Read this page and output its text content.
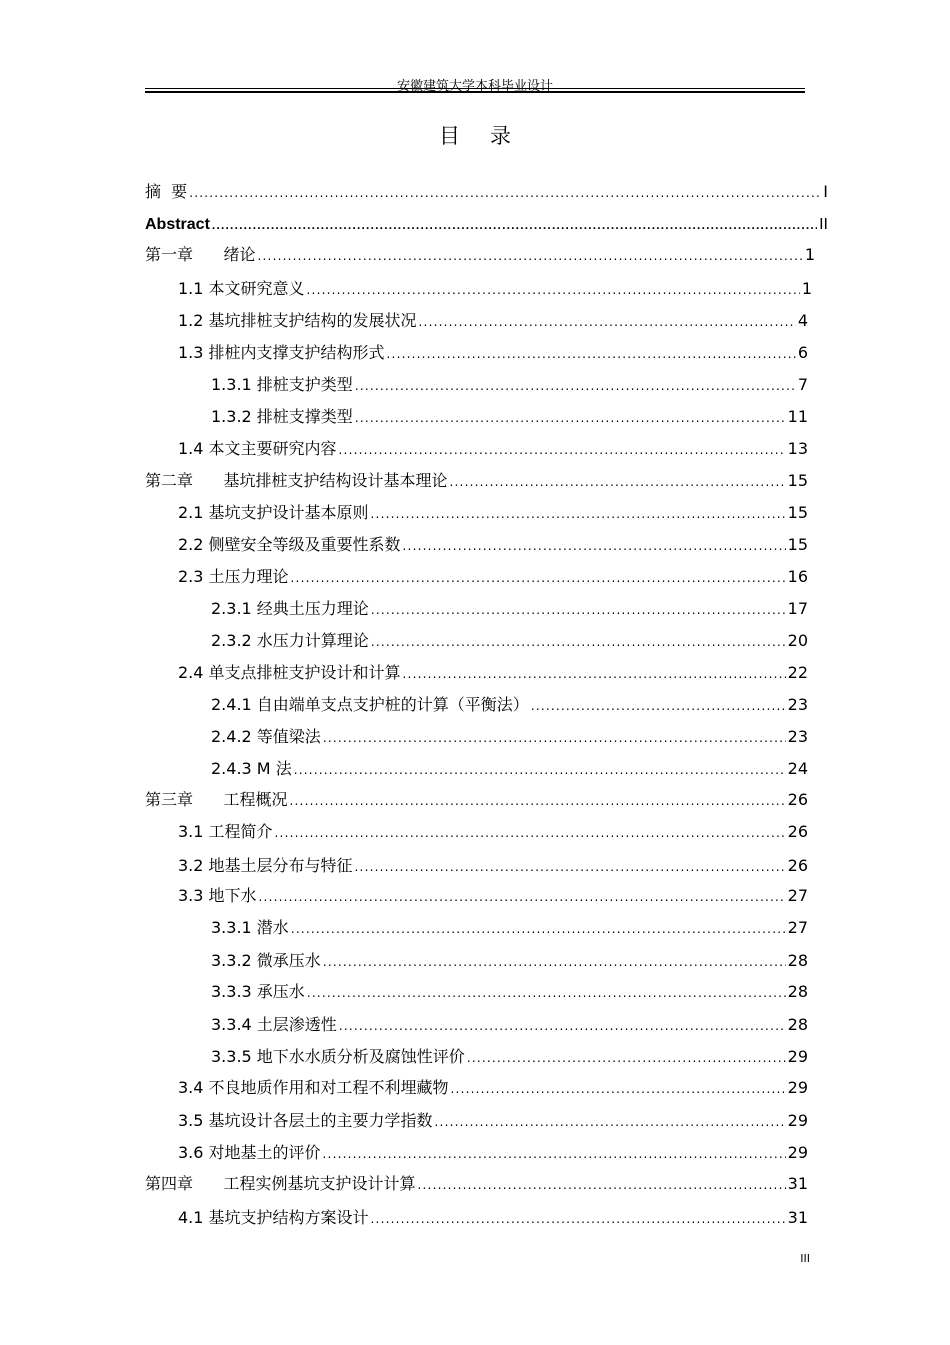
安徽建筑大学本科毕业设计
目录
摘  要 .....	I
Abstract .....	II
第一章      绪论 .....	1
1.1 本文研究意义 .....	1
1.2 基坑排桩支护结构的发展状况 .....	4
1.3 排桩内支撑支护结构形式 .....	6
1.3.1 排桩支护类型 .....	7
1.3.2 排桩支撑类型 .....	11
1.4 本文主要研究内容 .....	13
第二章      基坑排桩支护结构设计基本理论 .....	15
2.1 基坑支护设计基本原则 .....	15
2.2 侧壁安全等级及重要性系数 .....	15
2.3 土压力理论 .....	16
2.3.1 经典土压力理论 .....	17
2.3.2 水压力计算理论 .....	20
2.4 单支点排桩支护设计和计算 .....	22
2.4.1 自由端单支点支护桩的计算（平衡法） .....	23
2.4.2 等值梁法 .....	23
2.4.3 M 法 .....	24
第三章      工程概况 .....	26
3.1 工程简介 .....	26
3.2 地基土层分布与特征 .....	26
3.3 地下水 .....	27
3.3.1 潜水 .....	27
3.3.2 微承压水 .....	28
3.3.3 承压水 .....	28
3.3.4 土层渗透性 .....	28
3.3.5 地下水水质分析及腐蚀性评价 .....	29
3.4 不良地质作用和对工程不利埋藏物 .....	29
3.5 基坑设计各层土的主要力学指数 .....	29
3.6 对地基土的评价 .....	29
第四章      工程实例基坑支护设计计算 .....	31
4.1 基坑支护结构方案设计 .....	31
III
